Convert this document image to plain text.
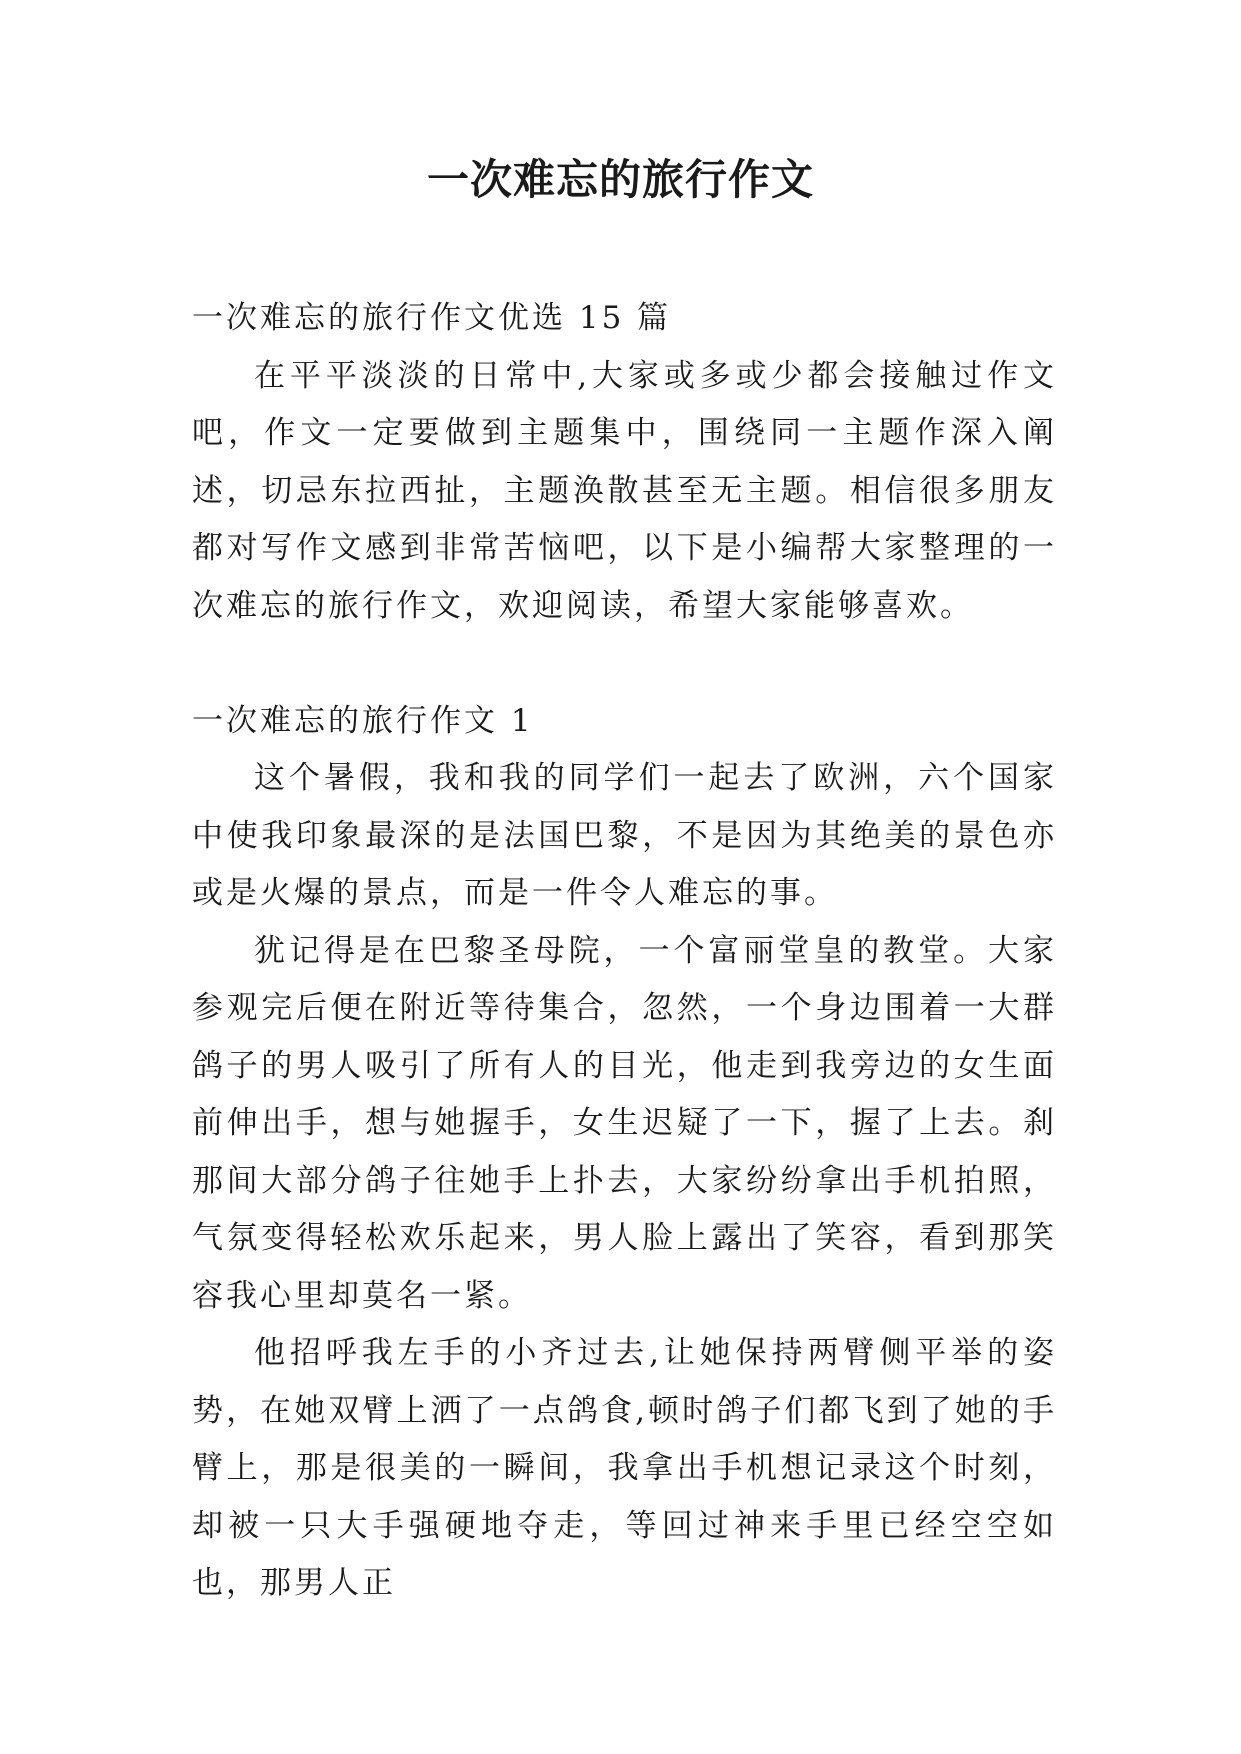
一次难忘的旅行作文

一次难忘的旅行作文优选 15 篇

在平平淡淡的日常中,大家或多或少都会接触过作文吧，作文一定要做到主题集中，围绕同一主题作深入阐述，切忌东拉西扯，主题涣散甚至无主题。相信很多朋友都对写作文感到非常苦恼吧，以下是小编帮大家整理的一次难忘的旅行作文，欢迎阅读，希望大家能够喜欢。

一次难忘的旅行作文 1

这个暑假，我和我的同学们一起去了欧洲，六个国家中使我印象最深的是法国巴黎，不是因为其绝美的景色亦或是火爆的景点，而是一件令人难忘的事。

犹记得是在巴黎圣母院，一个富丽堂皇的教堂。大家参观完后便在附近等待集合，忽然，一个身边围着一大群鸽子的男人吸引了所有人的目光，他走到我旁边的女生面前伸出手，想与她握手，女生迟疑了一下，握了上去。刹那间大部分鸽子往她手上扑去，大家纷纷拿出手机拍照，气氛变得轻松欢乐起来，男人脸上露出了笑容，看到那笑容我心里却莫名一紧。

他招呼我左手的小齐过去,让她保持两臂侧平举的姿势，在她双臂上洒了一点鸽食,顿时鸽子们都飞到了她的手臂上，那是很美的一瞬间，我拿出手机想记录这个时刻，却被一只大手强硬地夺走，等回过神来手里已经空空如也，那男人正
